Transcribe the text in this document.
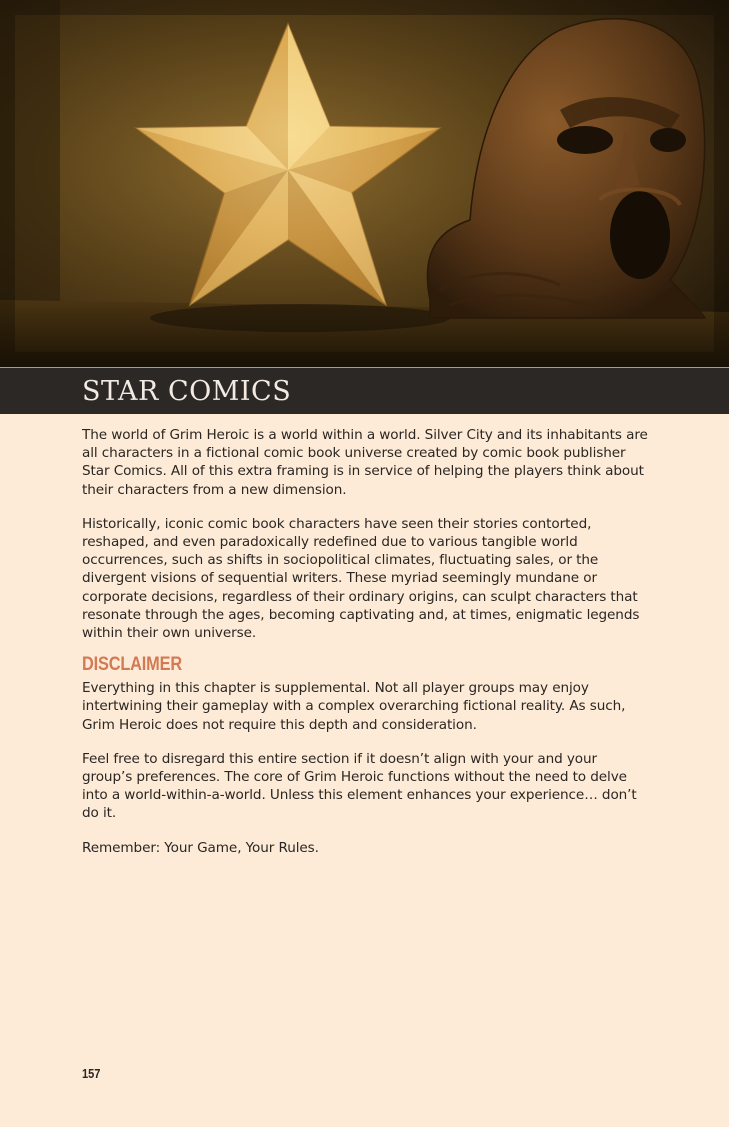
STAR COMICS

The world of Grim Heroic is a world within a world. Silver City and its inhabitants are all characters in a fictional comic book universe created by comic book publisher Star Comics. All of this extra framing is in service of helping the players think about their characters from a new dimension.

Historically, iconic comic book characters have seen their stories contorted, reshaped, and even paradoxically redefined due to various tangible world occurrences, such as shifts in sociopolitical climates, fluctuating sales, or the divergent visions of sequential writers. These myriad seemingly mundane or corporate decisions, regardless of their ordinary origins, can sculpt characters that resonate through the ages, becoming captivating and, at times, enigmatic legends within their own universe.

DISCLAIMER

Everything in this chapter is supplemental. Not all player groups may enjoy intertwining their gameplay with a complex overarching fictional reality. As such, Grim Heroic does not require this depth and consideration.

Feel free to disregard this entire section if it doesn’t align with your and your group’s preferences. The core of Grim Heroic functions without the need to delve into a world-within-a-world. Unless this element enhances your experience… don’t do it.

Remember: Your Game, Your Rules.

157
